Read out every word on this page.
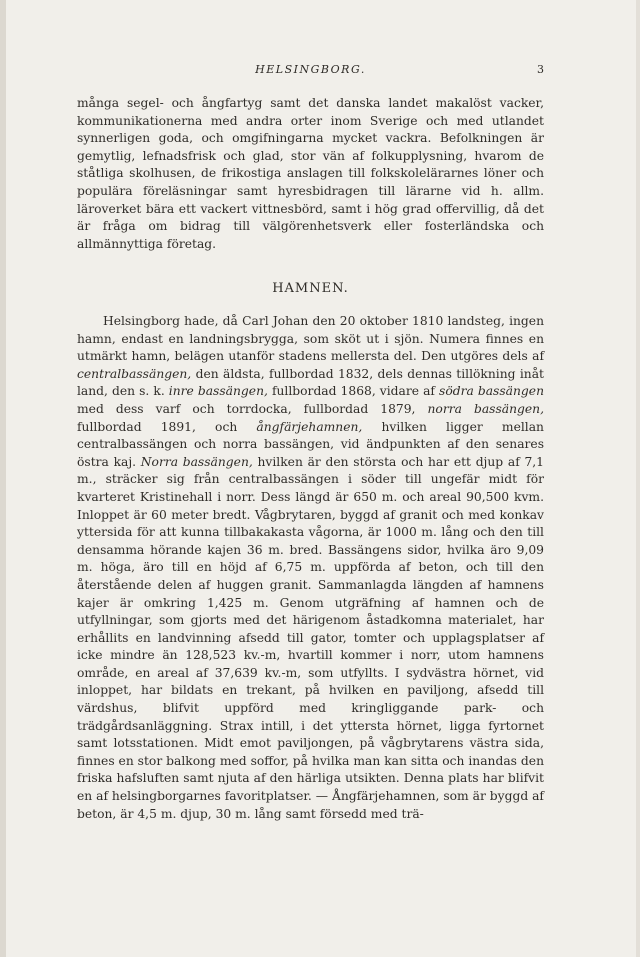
HELSINGBORG.	3

många segel- och ångfartyg samt det danska landet makalöst vacker, kommunikationerna med andra orter inom Sverige och med utlandet synnerligen goda, och omgifningarna mycket vackra. Befolkningen är gemytlig, lefnadsfrisk och glad, stor vän af folkupplysning, hvarom de ståtliga skolhusen, de frikostiga anslagen till folkskolelärarnes löner och populära föreläsningar samt hyresbidragen till lärarne vid h. allm. läroverket bära ett vackert vittnesbörd, samt i hög grad offervillig, då det är fråga om bidrag till välgörenhetsverk eller fosterländska och allmännyttiga företag.

HAMNEN.

Helsingborg hade, då Carl Johan den 20 oktober 1810 landsteg, ingen hamn, endast en landningsbrygga, som sköt ut i sjön. Numera finnes en utmärkt hamn, belägen utanför stadens mellersta del. Den utgöres dels af centralbassängen, den äldsta, fullbordad 1832, dels dennas tillökning inåt land, den s. k. inre bassängen, fullbordad 1868, vidare af södra bassängen med dess varf och torrdocka, fullbordad 1879, norra bassängen, fullbordad 1891, och ångfärjehamnen, hvilken ligger mellan centralbassängen och norra bassängen, vid ändpunkten af den senares östra kaj. Norra bassängen, hvilken är den största och har ett djup af 7,1 m., sträcker sig från centralbassängen i söder till ungefär midt för kvarteret Kristinehall i norr. Dess längd är 650 m. och areal 90,500 kvm. Inloppet är 60 meter bredt. Vågbrytaren, byggd af granit och med konkav yttersida för att kunna tillbakakasta vågorna, är 1000 m. lång och den till densamma hörande kajen 36 m. bred. Bassängens sidor, hvilka äro 9,09 m. höga, äro till en höjd af 6,75 m. uppförda af beton, och till den återstående delen af huggen granit. Sammanlagda längden af hamnens kajer är omkring 1,425 m. Genom utgräfning af hamnen och de utfyllningar, som gjorts med det härigenom åstadkomna materialet, har erhållits en landvinning afsedd till gator, tomter och upplagsplatser af icke mindre än 128,523 kv.-m, hvartill kommer i norr, utom hamnens område, en areal af 37,639 kv.-m, som utfyllts. I sydvästra hörnet, vid inloppet, har bildats en trekant, på hvilken en paviljong, afsedd till värdshus, blifvit uppförd med kringliggande park- och trädgårdsanläggning. Strax intill, i det yttersta hörnet, ligga fyrtornet samt lotsstationen. Midt emot paviljongen, på vågbrytarens västra sida, finnes en stor balkong med soffor, på hvilka man kan sitta och inandas den friska hafsluften samt njuta af den härliga utsikten. Denna plats har blifvit en af helsingborgarnes favoritplatser. — Ångfärjehamnen, som är byggd af beton, är 4,5 m. djup, 30 m. lång samt försedd med trä-
